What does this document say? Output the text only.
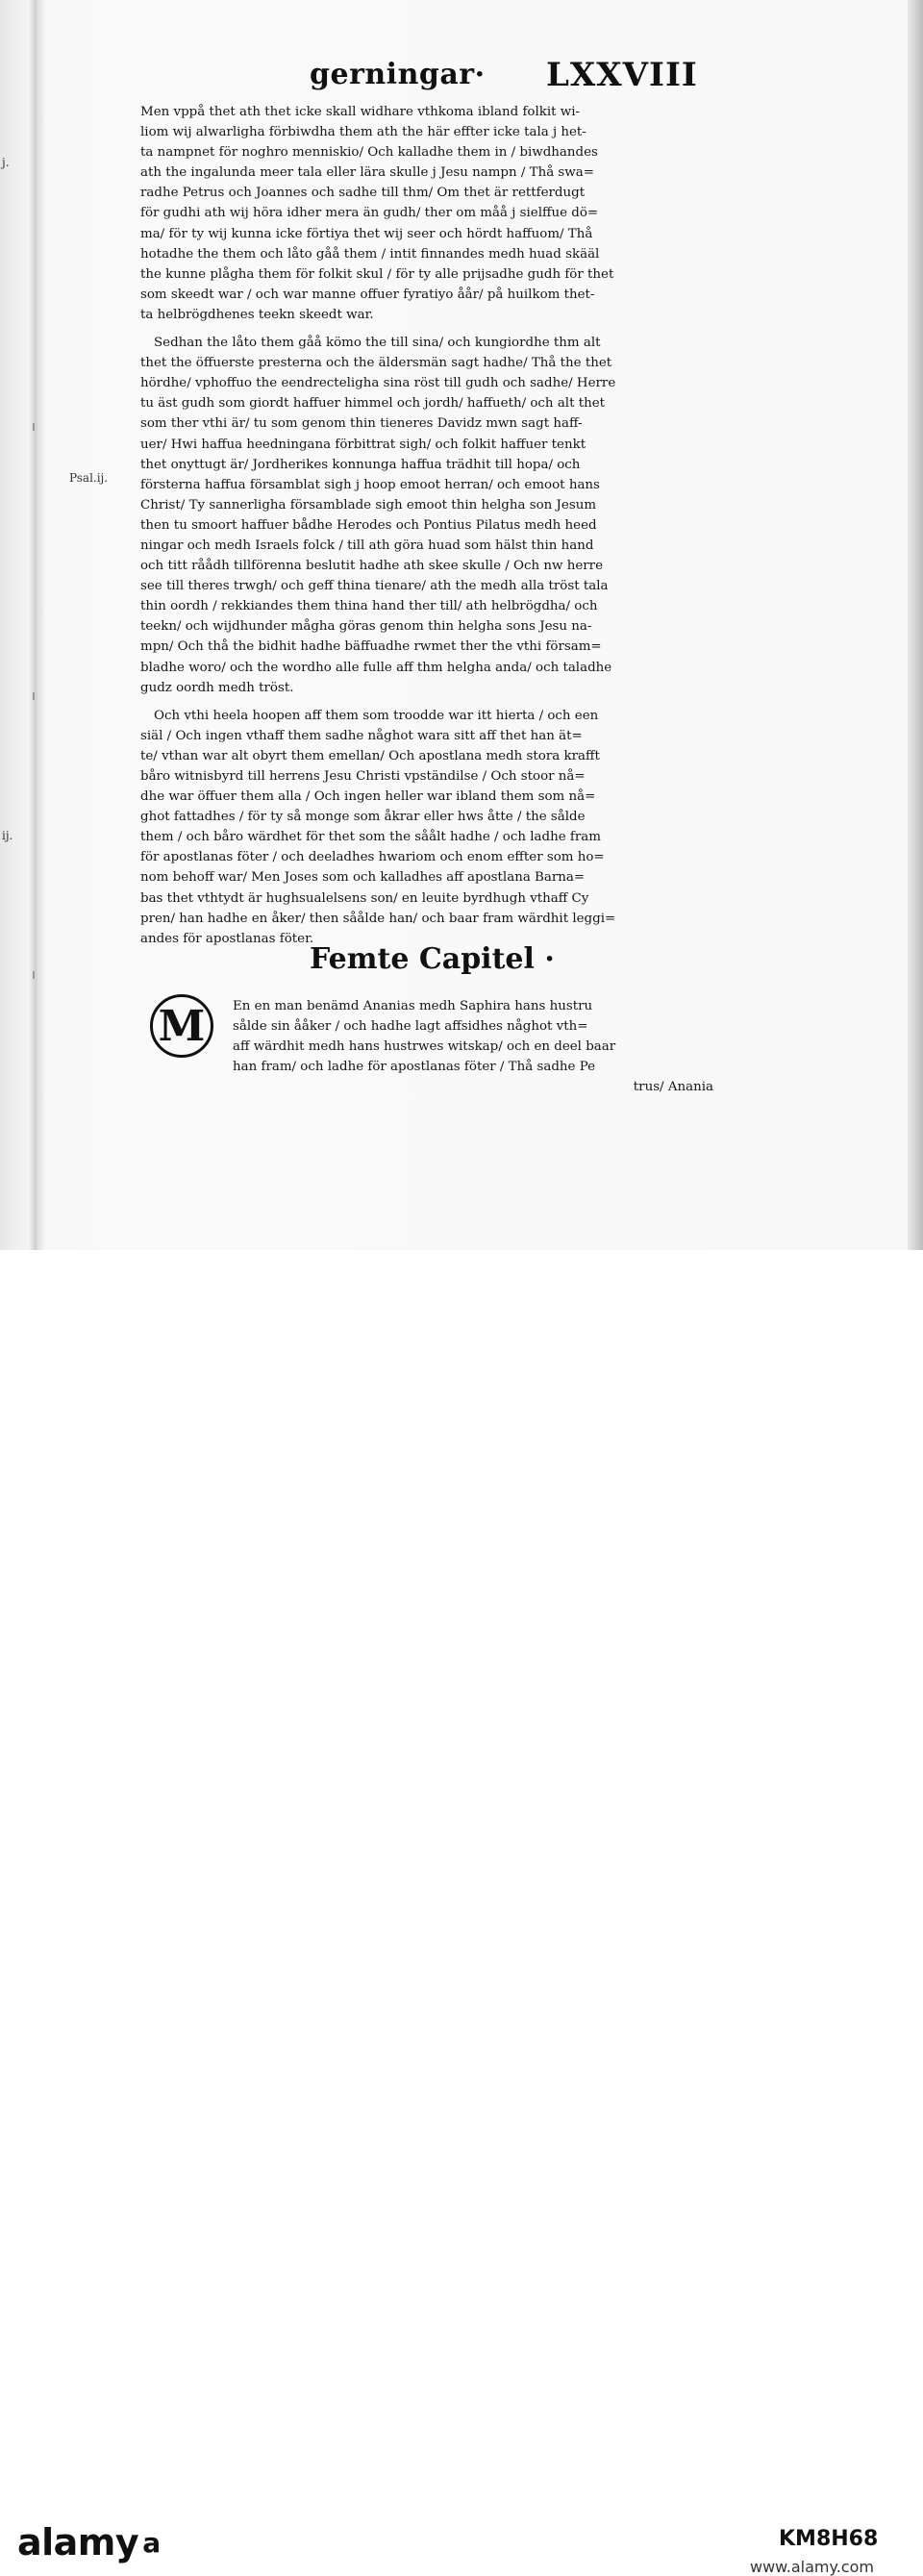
j.
Psal.ij.
ij.
gerningar· LXXVIII
Men vppå thet ath thet icke skall widhare vthkoma ibland folkit wi-
liom wij alwarligha förbiwdha them ath the här effter icke tala j het-
ta nampnet för noghro menniskio/ Och kalladhe them in / biwdhandes
ath the ingalunda meer tala eller lära skulle j Jesu nampn / Thå swa=
radhe Petrus och Joannes och sadhe till thm/ Om thet är rettferdugt
för gudhi ath wij höra idher mera än gudh/ ther om måå j sielffue dö=
ma/ för ty wij kunna icke förtiya thet wij seer och hördt haffuom/ Thå
hotadhe the them och låto gåå them / intit finnandes medh huad skääl
the kunne plågha them för folkit skul / för ty alle prijsadhe gudh för thet
som skeedt war / och war manne offuer fyratiyo åår/ på huilkom thet-
ta helbrögdhenes teekn skeedt war.
Sedhan the låto them gåå kömo the till sina/ och kungiordhe thm alt
thet the öffuerste presterna och the äldersmän sagt hadhe/ Thå the thet
hördhe/ vphoffuo the eendrecteligha sina röst till gudh och sadhe/ Herre
tu äst gudh som giordt haffuer himmel och jordh/ haffueth/ och alt thet
som ther vthi är/ tu som genom thin tieneres Davidz mwn sagt haff-
uer/ Hwi haffua heedningana förbittrat sigh/ och folkit haffuer tenkt
thet onyttugt är/ Jordherikes konnunga haffua trädhit till hopa/ och
försterna haffua församblat sigh j hoop emoot herran/ och emoot hans
Christ/ Ty sannerligha församblade sigh emoot thin helgha son Jesum
then tu smoort haffuer bådhe Herodes och Pontius Pilatus medh heed
ningar och medh Israels folck / till ath göra huad som hälst thin hand
och titt råådh tillförenna beslutit hadhe ath skee skulle / Och nw herre
see till theres trwgh/ och geff thina tienare/ ath the medh alla tröst tala
thin oordh / rekkiandes them thina hand ther till/ ath helbrögdha/ och
teekn/ och wijdhunder mågha göras genom thin helgha sons Jesu na-
mpn/ Och thå the bidhit hadhe bäffuadhe rwmet ther the vthi försam=
bladhe woro/ och the wordho alle fulle aff thm helgha anda/ och taladhe
gudz oordh medh tröst.
Och vthi heela hoopen aff them som troodde war itt hierta / och een
siäl / Och ingen vthaff them sadhe någhot wara sitt aff thet han ät=
te/ vthan war alt obyrt them emellan/ Och apostlana medh stora krafft
båro witnisbyrd till herrens Jesu Christi vpständilse / Och stoor nå=
dhe war öffuer them alla / Och ingen heller war ibland them som nå=
ghot fattadhes / för ty så monge som åkrar eller hws åtte / the sålde
them / och båro wärdhet för thet som the såålt hadhe / och ladhe fram
för apostlanas föter / och deeladhes hwariom och enom effter som ho=
nom behoff war/ Men Joses som och kalladhes aff apostlana Barna=
bas thet vthtydt är hughsualelsens son/ en leuite byrdhugh vthaff Cy
pren/ han hadhe en åker/ then såålde han/ och baar fram wärdhit leggi=
andes för apostlanas föter.
Femte Capitel ·
M	En en man benämd Ananias medh Saphira hans hustru
sålde sin ååker / och hadhe lagt affsidhes någhot vth=
aff wärdhit medh hans hustrwes witskap/ och en deel baar
han fram/ och ladhe för apostlanas föter / Thå sadhe Pe
trus/ Anania
alamy a	KM8H68
www.alamy.com
